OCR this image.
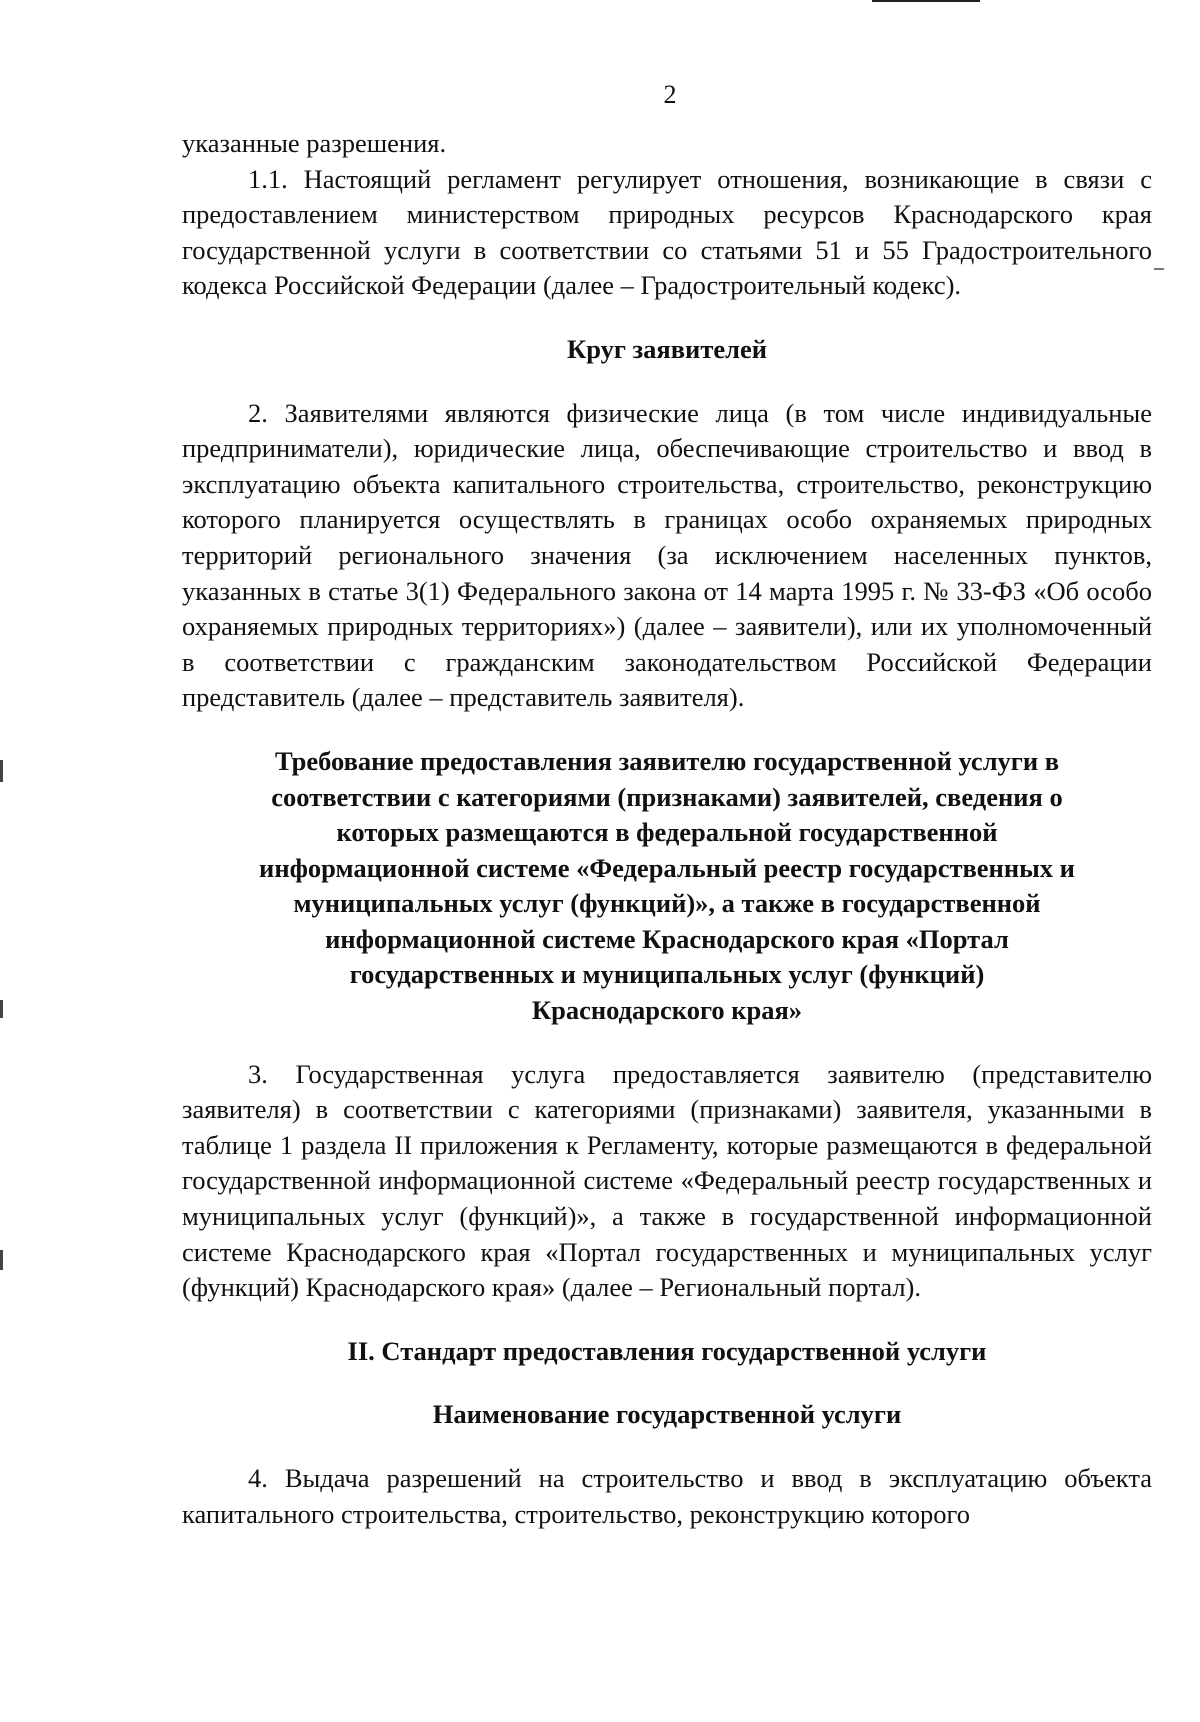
2

указанные разрешения.

1.1. Настоящий регламент регулирует отношения, возникающие в связи с предоставлением министерством природных ресурсов Краснодарского края государственной услуги в соответствии со статьями 51 и 55 Градостроительного кодекса Российской Федерации (далее – Градостроительный кодекс).

Круг заявителей

2. Заявителями являются физические лица (в том числе индивидуальные предприниматели), юридические лица, обеспечивающие строительство и ввод в эксплуатацию объекта капитального строительства, строительство, реконструкцию которого планируется осуществлять в границах особо охраняемых природных территорий регионального значения (за исключением населенных пунктов, указанных в статье 3(1) Федерального закона от 14 марта 1995 г. № 33-ФЗ «Об особо охраняемых природных территориях») (далее – заявители), или их уполномоченный в соответствии с гражданским законодательством Российской Федерации представитель (далее – представитель заявителя).

Требование предоставления заявителю государственной услуги в соответствии с категориями (признаками) заявителей, сведения о которых размещаются в федеральной государственной информационной системе «Федеральный реестр государственных и муниципальных услуг (функций)», а также в государственной информационной системе Краснодарского края «Портал государственных и муниципальных услуг (функций) Краснодарского края»

3. Государственная услуга предоставляется заявителю (представителю заявителя) в соответствии с категориями (признаками) заявителя, указанными в таблице 1 раздела II приложения к Регламенту, которые размещаются в федеральной государственной информационной системе «Федеральный реестр государственных и муниципальных услуг (функций)», а также в государственной информационной системе Краснодарского края «Портал государственных и муниципальных услуг (функций) Краснодарского края» (далее – Региональный портал).

II. Стандарт предоставления государственной услуги
Наименование государственной услуги

4. Выдача разрешений на строительство и ввод в эксплуатацию объекта капитального строительства, строительство, реконструкцию которого
